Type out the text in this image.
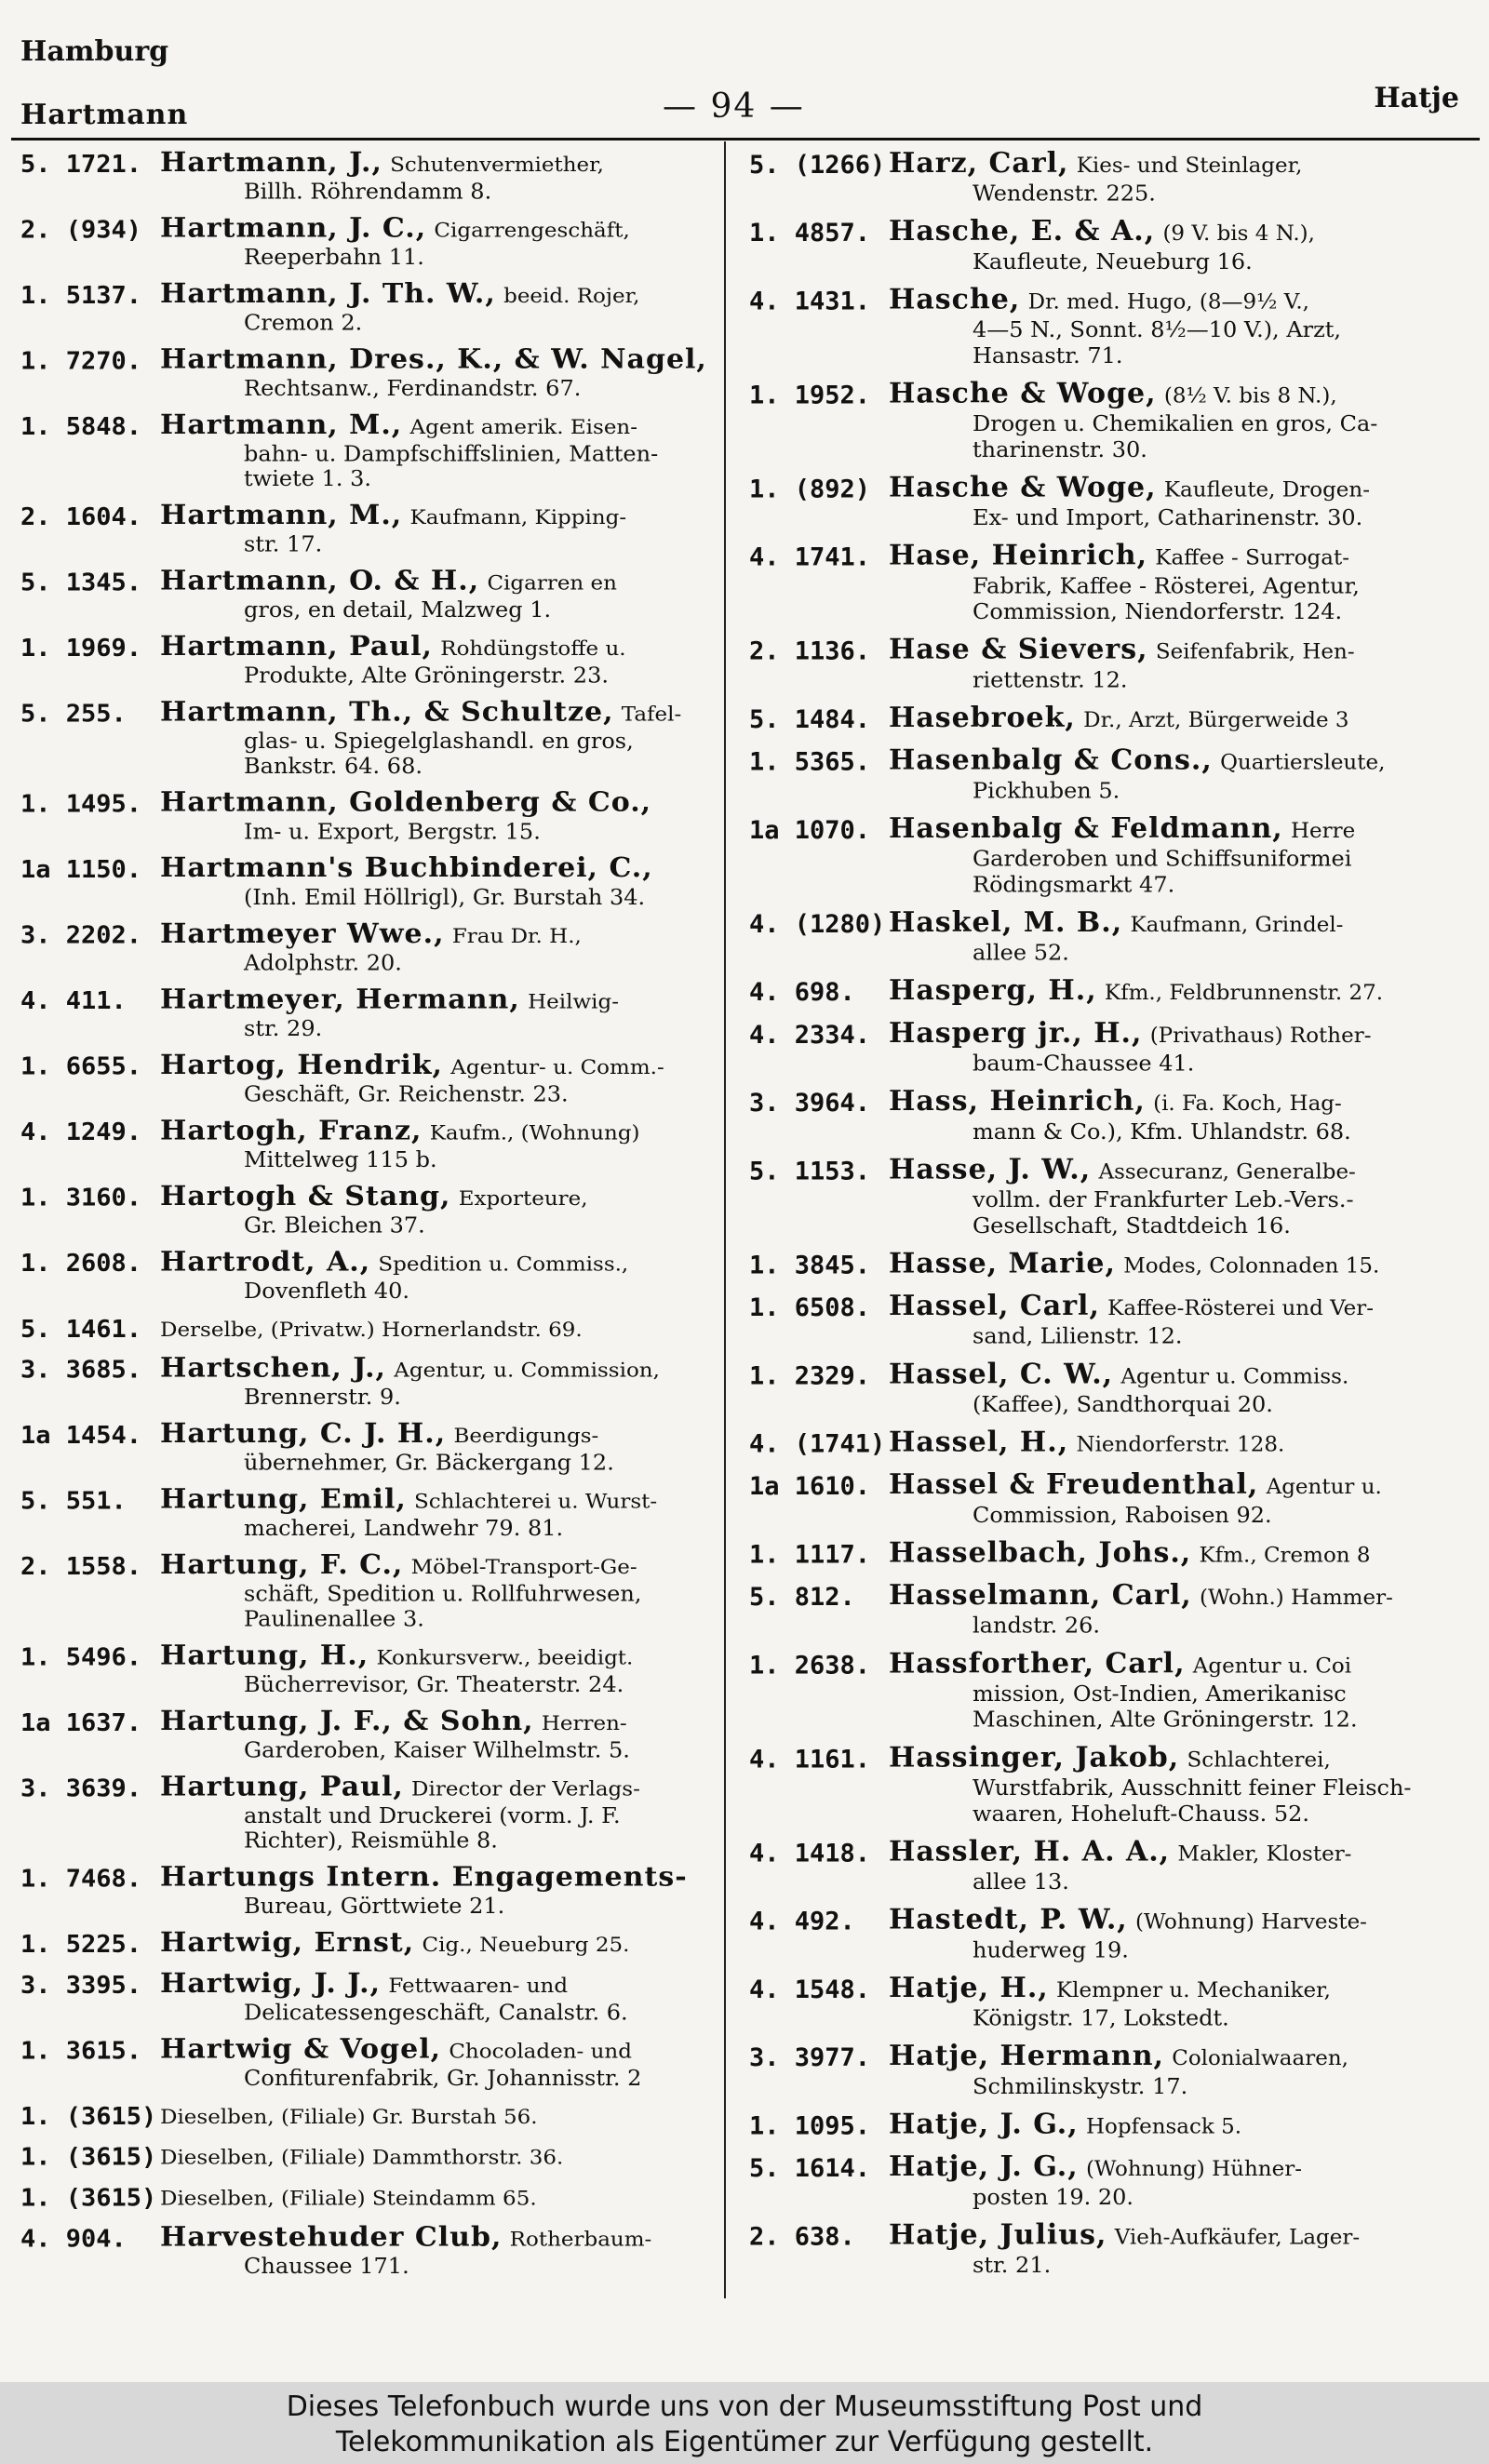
Hamburg
Hartmann	— 94 —	Hatje
5. 1721. Hartmann, J., Schutenvermiether,
Billh. Röhrendamm 8.
2. (934) Hartmann, J. C., Cigarrengeschäft,
Reeperbahn 11.
1. 5137. Hartmann, J. Th. W., beeid. Rojer,
Cremon 2.
1. 7270. Hartmann, Dres., K., & W. Nagel,
Rechtsanw., Ferdinandstr. 67.
1. 5848. Hartmann, M., Agent amerik. Eisen-
bahn- u. Dampfschiffslinien, Matten-
twiete 1. 3.
2. 1604. Hartmann, M., Kaufmann, Kipping-
str. 17.
5. 1345. Hartmann, O. & H., Cigarren en
gros, en detail, Malzweg 1.
1. 1969. Hartmann, Paul, Rohdüngstoffe u.
Produkte, Alte Gröningerstr. 23.
5. 255. Hartmann, Th., & Schultze, Tafel-
glas- u. Spiegelglashandl. en gros,
Bankstr. 64. 68.
1. 1495. Hartmann, Goldenberg & Co.,
Im- u. Export, Bergstr. 15.
1a 1150. Hartmann's Buchbinderei, C.,
(Inh. Emil Höllrigl), Gr. Burstah 34.
3. 2202. Hartmeyer Wwe., Frau Dr. H.,
Adolphstr. 20.
4. 411. Hartmeyer, Hermann, Heilwig-
str. 29.
1. 6655. Hartog, Hendrik, Agentur- u. Comm.-
Geschäft, Gr. Reichenstr. 23.
4. 1249. Hartogh, Franz, Kaufm., (Wohnung)
Mittelweg 115 b.
1. 3160. Hartogh & Stang, Exporteure,
Gr. Bleichen 37.
1. 2608. Hartrodt, A., Spedition u. Commiss.,
Dovenfleth 40.
5. 1461. Derselbe, (Privatw.) Hornerlandstr. 69.
3. 3685. Hartschen, J., Agentur, u. Commission,
Brennerstr. 9.
1a 1454. Hartung, C. J. H., Beerdigungs-
übernehmer, Gr. Bäckergang 12.
5. 551. Hartung, Emil, Schlachterei u. Wurst-
macherei, Landwehr 79. 81.
2. 1558. Hartung, F. C., Möbel-Transport-Ge-
schäft, Spedition u. Rollfuhrwesen,
Paulinenallee 3.
1. 5496. Hartung, H., Konkursverw., beeidigt.
Bücherrevisor, Gr. Theaterstr. 24.
1a 1637. Hartung, J. F., & Sohn, Herren-
Garderoben, Kaiser Wilhelmstr. 5.
3. 3639. Hartung, Paul, Director der Verlags-
anstalt und Druckerei (vorm. J. F.
Richter), Reismühle 8.
1. 7468. Hartungs Intern. Engagements-
Bureau, Görttwiete 21.
1. 5225. Hartwig, Ernst, Cig., Neueburg 25.
3. 3395. Hartwig, J. J., Fettwaaren- und
Delicatessengeschäft, Canalstr. 6.
1. 3615. Hartwig & Vogel, Chocoladen- und
Confiturenfabrik, Gr. Johannisstr. 2
1. (3615) Dieselben, (Filiale) Gr. Burstah 56.
1. (3615) Dieselben, (Filiale) Dammthorstr. 36.
1. (3615) Dieselben, (Filiale) Steindamm 65.
4. 904. Harvestehuder Club, Rotherbaum-
Chaussee 171.
5. (1266) Harz, Carl, Kies- und Steinlager,
Wendenstr. 225.
1. 4857. Hasche, E. & A., (9 V. bis 4 N.),
Kaufleute, Neueburg 16.
4. 1431. Hasche, Dr. med. Hugo, (8—9½ V.,
4—5 N., Sonnt. 8½—10 V.), Arzt,
Hansastr. 71.
1. 1952. Hasche & Woge, (8½ V. bis 8 N.),
Drogen u. Chemikalien en gros, Ca-
tharinenstr. 30.
1. (892) Hasche & Woge, Kaufleute, Drogen-
Ex- und Import, Catharinenstr. 30.
4. 1741. Hase, Heinrich, Kaffee - Surrogat-
Fabrik, Kaffee - Rösterei, Agentur,
Commission, Niendorferstr. 124.
2. 1136. Hase & Sievers, Seifenfabrik, Hen-
riettenstr. 12.
5. 1484. Hasebroek, Dr., Arzt, Bürgerweide 3
1. 5365. Hasenbalg & Cons., Quartiersleute,
Pickhuben 5.
1a 1070. Hasenbalg & Feldmann, Herre
Garderoben und Schiffsuniformei
Rödingsmarkt 47.
4. (1280) Haskel, M. B., Kaufmann, Grindel-
allee 52.
4. 698. Hasperg, H., Kfm., Feldbrunnenstr. 27.
4. 2334. Hasperg jr., H., (Privathaus) Rother-
baum-Chaussee 41.
3. 3964. Hass, Heinrich, (i. Fa. Koch, Hag-
mann & Co.), Kfm. Uhlandstr. 68.
5. 1153. Hasse, J. W., Assecuranz, Generalbe-
vollm. der Frankfurter Leb.-Vers.-
Gesellschaft, Stadtdeich 16.
1. 3845. Hasse, Marie, Modes, Colonnaden 15.
1. 6508. Hassel, Carl, Kaffee-Rösterei und Ver-
sand, Lilienstr. 12.
1. 2329. Hassel, C. W., Agentur u. Commiss.
(Kaffee), Sandthorquai 20.
4. (1741) Hassel, H., Niendorferstr. 128.
1a 1610. Hassel & Freudenthal, Agentur u.
Commission, Raboisen 92.
1. 1117. Hasselbach, Johs., Kfm., Cremon 8
5. 812. Hasselmann, Carl, (Wohn.) Hammer-
landstr. 26.
1. 2638. Hassforther, Carl, Agentur u. Coi
mission, Ost-Indien, Amerikanisc
Maschinen, Alte Gröningerstr. 12.
4. 1161. Hassinger, Jakob, Schlachterei,
Wurstfabrik, Ausschnitt feiner Fleisch-
waaren, Hoheluft-Chauss. 52.
4. 1418. Hassler, H. A. A., Makler, Kloster-
allee 13.
4. 492. Hastedt, P. W., (Wohnung) Harveste-
huderweg 19.
4. 1548. Hatje, H., Klempner u. Mechaniker,
Königstr. 17, Lokstedt.
3. 3977. Hatje, Hermann, Colonialwaaren,
Schmilinskystr. 17.
1. 1095. Hatje, J. G., Hopfensack 5.
5. 1614. Hatje, J. G., (Wohnung) Hühner-
posten 19. 20.
2. 638. Hatje, Julius, Vieh-Aufkäufer, Lager-
str. 21.
Dieses Telefonbuch wurde uns von der Museumsstiftung Post und
Telekommunikation als Eigentümer zur Verfügung gestellt.
